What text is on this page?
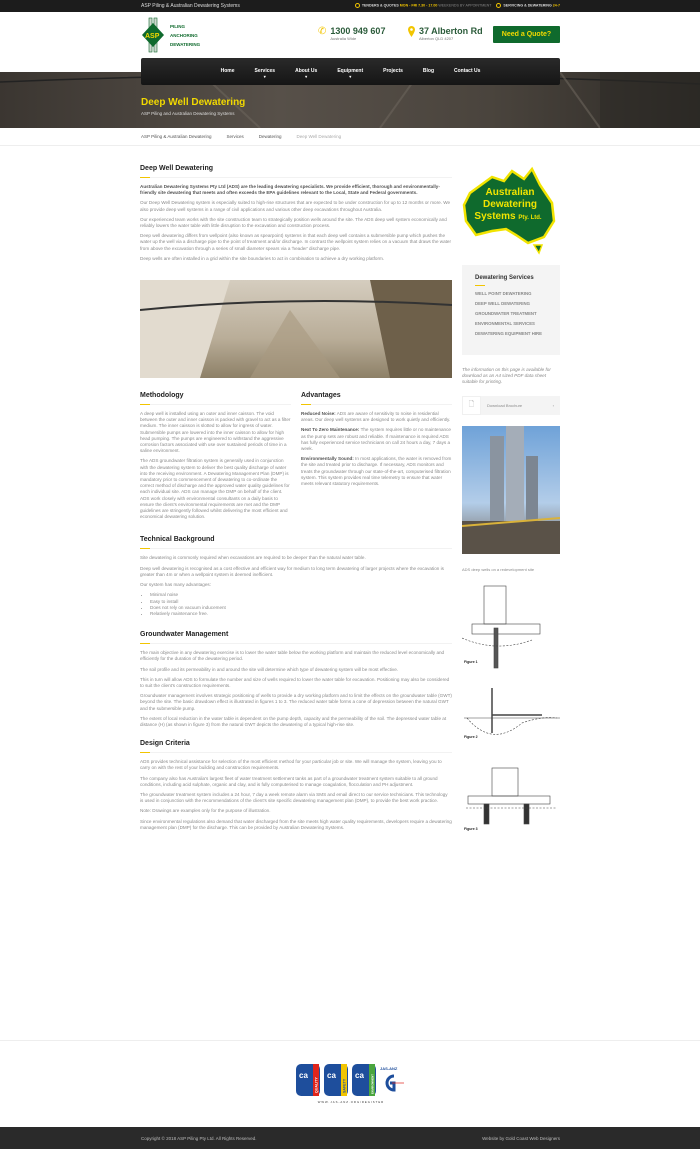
ASP Piling & Australian Dewatering Systems	TENDERS & QUOTES MON - FRI 7.30 - 17.00 WEEKENDS BY APPOINTMENT	SERVICING & DEWATERING 24-7
ASP
PILING
ANCHORING
DEWATERING
✆ 1300 949 607
Australia Wide
37 Alberton Rd
Alberton QLD 4207
Need a Quote?
Home	Services ▾	About Us ▾	Equipment ▾	Projects	Blog	Contact Us
Deep Well Dewatering
ASP Piling and Australian Dewatering Systems
ASP Piling & Australian Dewatering	Services	Dewatering	Deep Well Dewatering
Deep Well Dewatering

Australian Dewatering Systems Pty Ltd (ADS) are the leading dewatering specialists. We provide efficient, thorough and environmentally-friendly site dewatering that meets and often exceeds the EPA guidelines relevant to the Local, State and Federal governments.

Our Deep Well Dewatering system is especially suited to high-rise structures that are expected to be under construction for up to 12 months or more. We also provide deep well systems in a range of civil applications and various other deep excavations throughout Australia.

Our experienced team works with the site construction team to strategically position wells around the site. The ADS deep well system economically and reliably lowers the water table with little disruption to the excavation and construction process.

Deep well dewatering differs from wellpoint (also known as spearpoint) systems in that each deep well contains a submersible pump which pushes the water up the well via a discharge pipe to the point of treatment and/or discharge. In contrast the wellpoint system relies on a vacuum that draws the water from above the excavation through a series of small diameter spears via a 'header' discharge pipe.

Deep wells are often installed in a grid within the site boundaries to act in combination to achieve a dry working platform.

Methodology

A deep well is installed using an outer and inner caisson. The void between the outer and inner caisson is packed with gravel to act as a filter medium. The inner caisson is slotted to allow for ingress of water. Submersible pumps are lowered into the inner caisson to allow for high head pumping. The pumps are engineered to withstand the aggressive corrosion factors associated with use over sustained periods of time in a saline environment.

The ADS groundwater filtration system is generally used in conjunction with the dewatering system to deliver the best quality discharge of water into the receiving environment. A Dewatering Management Plan (DMP) is mandatory prior to commencement of dewatering to co-ordinate the correct method of discharge and the approved water quality guidelines for each individual site. ADS can manage the DMP on behalf of the client. ADS work closely with environmental consultants on a daily basis to ensure the client's environmental requirements are met and the DMP guidelines are stringently followed whilst delivering the most efficient and economical dewatering solution.

Advantages

Reduced Noise: ADS are aware of sensitivity to noise in residential areas. Our deep well systems are designed to work quietly and efficiently.

Next To Zero Maintenance: The system requires little or no maintenance as the pump sets are robust and reliable. If maintenance is required ADS has fully experienced service technicians on call 24 hours a day, 7 days a week.

Environmentally Sound: In most applications, the water is removed from the site and treated prior to discharge. If necessary, ADS monitors and treats the groundwater through our state-of-the-art, computerised filtration system. This system provides real time telemetry to ensure that water meets relevant statutory requirements.

Technical Background

Site dewatering is commonly required when excavations are required to be deeper than the natural water table.

Deep well dewatering is recognised as a cost effective and efficient way for medium to long term dewatering of larger projects where the excavation is greater than 4m or when a wellpoint system is deemed inefficient.

Our system has many advantages:

• Minimal noise
• Easy to install
• Does not rely on vacuum inducement
• Relatively maintenance free.
Groundwater Management

The main objective in any dewatering exercise is to lower the water table below the working platform and maintain the reduced level economically and efficiently for the duration of the dewatering period.

The soil profile and its permeability in and around the site will determine which type of dewatering system will be most effective.

This in turn will allow ADS to formulate the number and size of wells required to lower the water table for excavation. Positioning may also be considered to suit the client's construction requirements.

Groundwater management involves strategic positioning of wells to provide a dry working platform and to limit the effects on the groundwater table (GWT) beyond the site. The basic drawdown effect is illustrated in figures 1 to 3. The reduced water table forms a cone of depression between the natural GWT and the submersible pump.

The extent of local reduction in the water table is dependent on the pump depth, capacity and the permeability of the soil. The depressed water table at distance (H) (as shown in figure 3) from the natural GWT depicts the dewatering of a typical high-rise site.

Design Criteria

ADS provides technical assistance for selection of the most efficient method for your particular job or site. We will manage the system, leaving you to carry on with the rest of your building and construction requirements.

The company also has Australia's largest fleet of water treatment settlement tanks as part of a groundwater treatment system suitable to all ground conditions, including acid sulphate, organic and clay, and is fully computerised to manage coagulation, flocculation and PH adjustment.

The groundwater treatment system includes a 24 hour, 7 day a week remote alarm via SMS and email direct to our service technicians. This technology is used in conjunction with the recommendations of the client's site specific dewatering management plan (DMP), to provide the best work practice.

Note: Drawings are examples only for the purpose of illustration.

Since environmental regulations also demand that water discharged from the site meets high water quality requirements, developers require a dewatering management plan (DMP) for the discharge. This can be provided by Australian Dewatering Systems.

Australian
Dewatering
Systems Pty. Ltd.
Dewatering Services
WELL POINT DEWATERING
DEEP WELL DEWATERING
GROUNDWATER TREATMENT
ENVIRONMENTAL SERVICES
DEWATERING EQUIPMENT HIRE
The information on this page is available for download as an A4 sized PDF data sheet suitable for printing.
🗋	Download Brochure	›
ADS deep wells on a redevelopment site
Figure 1
Figure 2
Figure 3
ca ca ca
QUALITY	SAFETY	ENVIRONMENT
JAS-ANZ
WWW.JAS-ANZ.ORG/REGISTER
Copyright © 2018 ASP Piling Pty Ltd. All Rights Reserved.	Website by Gold Coast Web Designers
